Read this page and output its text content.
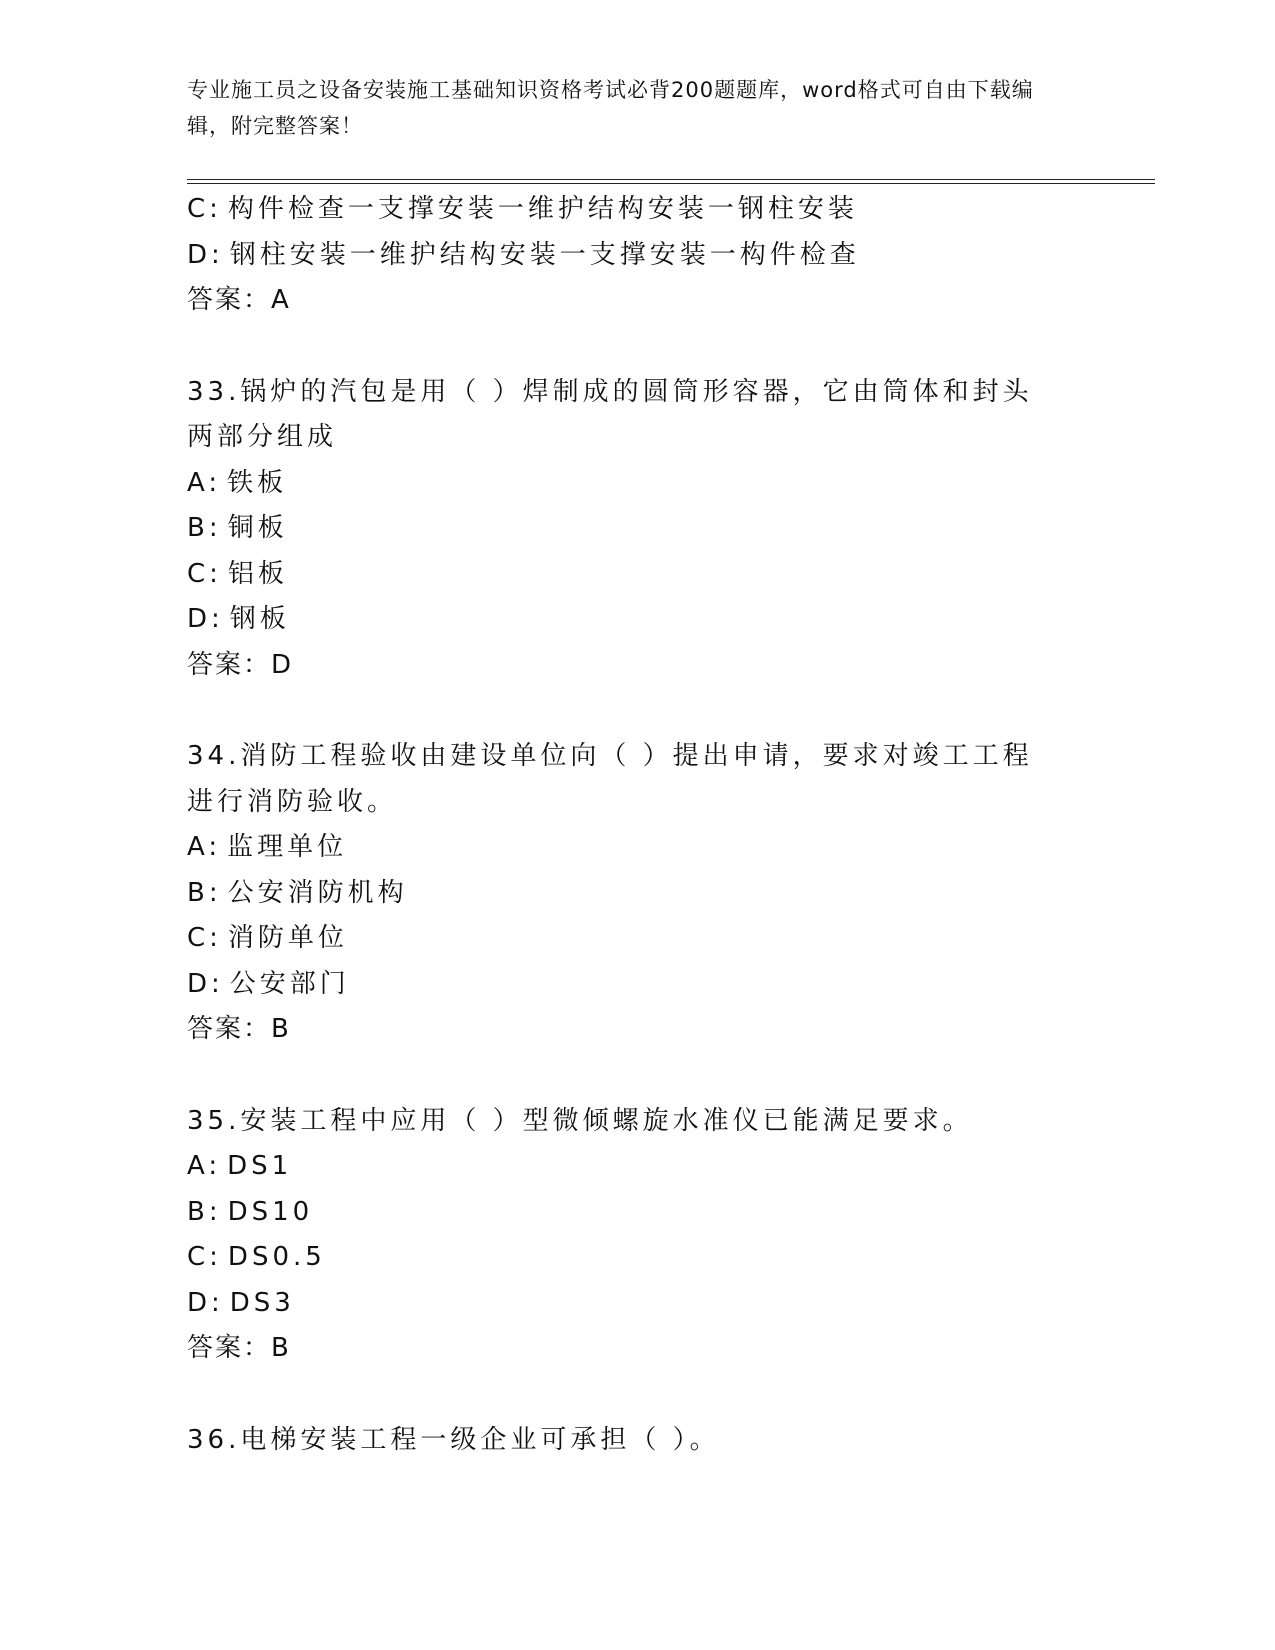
专业施工员之设备安装施工基础知识资格考试必背200题题库，word格式可自由下载编辑，附完整答案！
C: 构件检查一支撑安装一维护结构安装一钢柱安装
D: 钢柱安装一维护结构安装一支撑安装一构件检查
答案：A
33.锅炉的汽包是用（ ）焊制成的圆筒形容器，它由筒体和封头两部分组成
A: 铁板
B: 铜板
C: 铝板
D: 钢板
答案：D
34.消防工程验收由建设单位向（ ）提出申请，要求对竣工工程进行消防验收。
A: 监理单位
B: 公安消防机构
C: 消防单位
D: 公安部门
答案：B
35.安装工程中应用（ ）型微倾螺旋水准仪已能满足要求。
A: DS1
B: DS10
C: DS0.5
D: DS3
答案：B
36.电梯安装工程一级企业可承担（ ）。
